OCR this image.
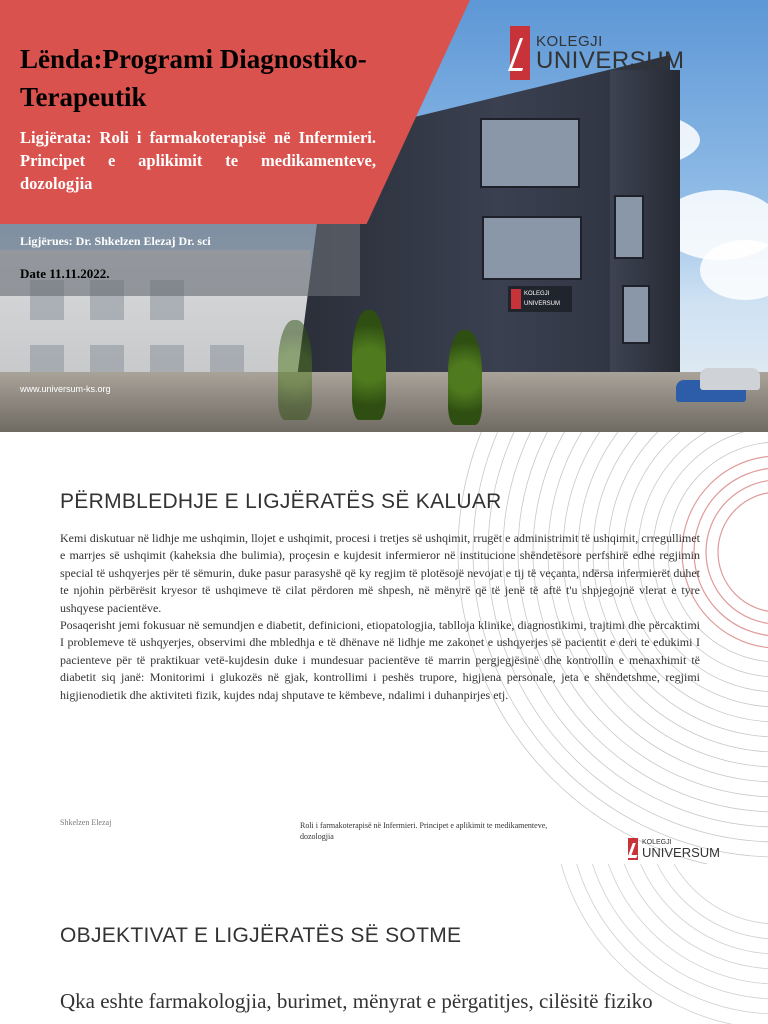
KOLEGJI
UNIVERSUM
Lënda:Programi Diagnostiko-Terapeutik

Ligjërata: Roli i farmakoterapisë në Infermieri. Principet e aplikimit te medikamenteve, dozologjia

Ligjërues: Dr. Shkelzen Elezaj Dr. sci
Date 11.11.2022.
www.universum-ks.org
KOLEGJI
UNIVERSUM
PËRMBLEDHJE E LIGJËRATËS SË KALUAR

Kemi diskutuar në lidhje me ushqimin, llojet e ushqimit, procesi i tretjes së ushqimit, rrugët e administrimit të ushqimit, crregullimet e marrjes së ushqimit (kaheksia dhe bulimia), proçesin e kujdesit infermieror në institucione shëndetësore perfshirë edhe regjimin special të ushqyerjes për të sëmurin, duke pasur parasyshë që ky regjim të plotësojë nevojat e tij të veçanta, ndërsa infermierët duhet te njohin përbërësit kryesor të ushqimeve të cilat përdoren më shpesh, në mënyrë që të jenë të aftë t'u shpjegojnë vlerat e tyre ushqyese pacientëve.

Posaqerisht jemi fokusuar në semundjen e diabetit, definicioni, etiopatologjia, tablloja klinike, diagnostikimi, trajtimi dhe përcaktimi I problemeve të ushqyerjes, observimi dhe mbledhja e të dhënave në lidhje me zakonet e ushqyerjes së pacientit e deri te edukimi I pacienteve për të praktikuar vetë-kujdesin duke i mundesuar pacientëve të marrin pergjegjësinë dhe kontrollin e menaxhimit të diabetit siq janë: Monitorimi i glukozës në gjak, kontrollimi i peshës trupore, higjiena personale, jeta e shëndetshme, regjimi higjienodietik dhe aktiviteti fizik, kujdes ndaj shputave te këmbeve, ndalimi i duhanpirjes etj.

Shkelzen Elezaj	Roli i farmakoterapisë në Infermieri. Principet e aplikimit te medikamenteve, dozologjia
KOLEGJI
UNIVERSUM
OBJEKTIVAT E LIGJËRATËS SË SOTME

Qka eshte farmakologjia, burimet, mënyrat e përgatitjes, cilësitë fiziko
